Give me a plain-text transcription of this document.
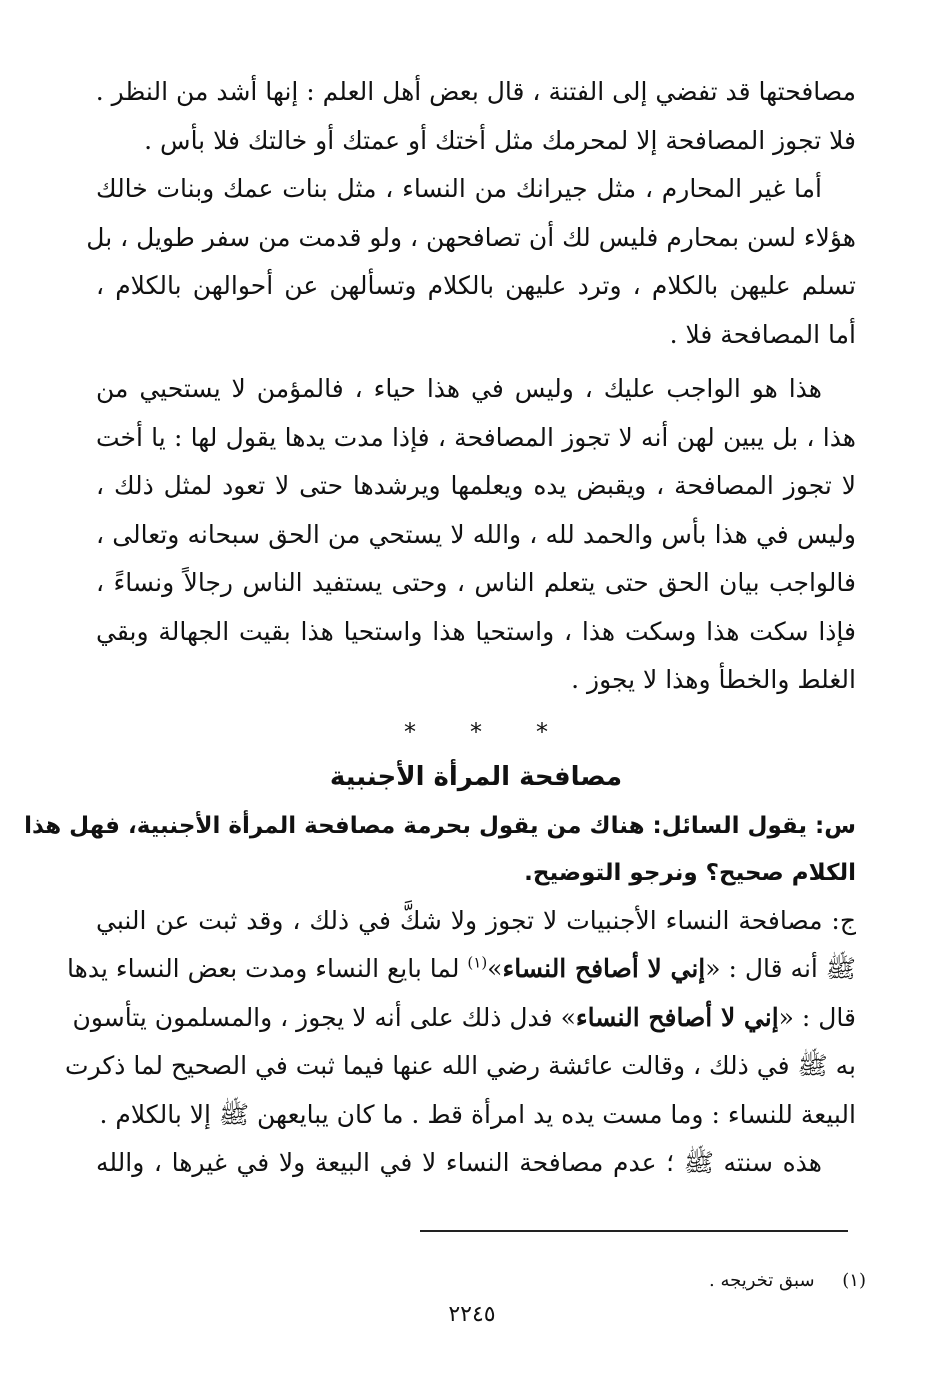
مصافحتها قد تفضي إلى الفتنة ، قال بعض أهل العلم : إنها أشد من النظر .
فلا تجوز المصافحة إلا لمحرمك مثل أختك أو عمتك أو خالتك فلا بأس .

أما غير المحارم ، مثل جيرانك من النساء ، مثل بنات عمك وبنات خالك
هؤلاء لسن بمحارم فليس لك أن تصافحهن ، ولو قدمت من سفر طويل ، بل
تسلم عليهن بالكلام ، وترد عليهن بالكلام وتسألهن عن أحوالهن بالكلام ،
أما المصافحة فلا .

هذا هو الواجب عليك ، وليس في هذا حياء ، فالمؤمن لا يستحيي من
هذا ، بل يبين لهن أنه لا تجوز المصافحة ، فإذا مدت يدها يقول لها : يا أخت
لا تجوز المصافحة ، ويقبض يده ويعلمها ويرشدها حتى لا تعود لمثل ذلك ،
وليس في هذا بأس والحمد لله ، والله لا يستحي من الحق سبحانه وتعالى ،
فالواجب بيان الحق حتى يتعلم الناس ، وحتى يستفيد الناس رجالاً ونساءً ،
فإذا سكت هذا وسكت هذا ، واستحيا هذا واستحيا هذا بقيت الجهالة وبقي
الغلط والخطأ وهذا لا يجوز .

*
*
*
مصافحة المرأة الأجنبية
س: يقول السائل: هناك من يقول بحرمة مصافحة المرأة الأجنبية، فهل هذا
الكلام صحيح؟ ونرجو التوضيح.

ج: مصافحة النساء الأجنبيات لا تجوز ولا شكَّ في ذلك ، وقد ثبت عن النبي
ﷺ أنه قال : «إني لا أصافح النساء»$^{(١)}$ لما بايع النساء ومدت بعض النساء يدها
قال : «إني لا أصافح النساء» فدل ذلك على أنه لا يجوز ، والمسلمون يتأسون
به ﷺ في ذلك ، وقالت عائشة رضي الله عنها فيما ثبت في الصحيح لما ذكرت
البيعة للنساء : وما مست يده يد امرأة قط . ما كان يبايعهن ﷺ إلا بالكلام .
هذه سنته ﷺ ؛ عدم مصافحة النساء لا في البيعة ولا في غيرها ، والله

(١) سبق تخريجه .
٢٢٤٥
